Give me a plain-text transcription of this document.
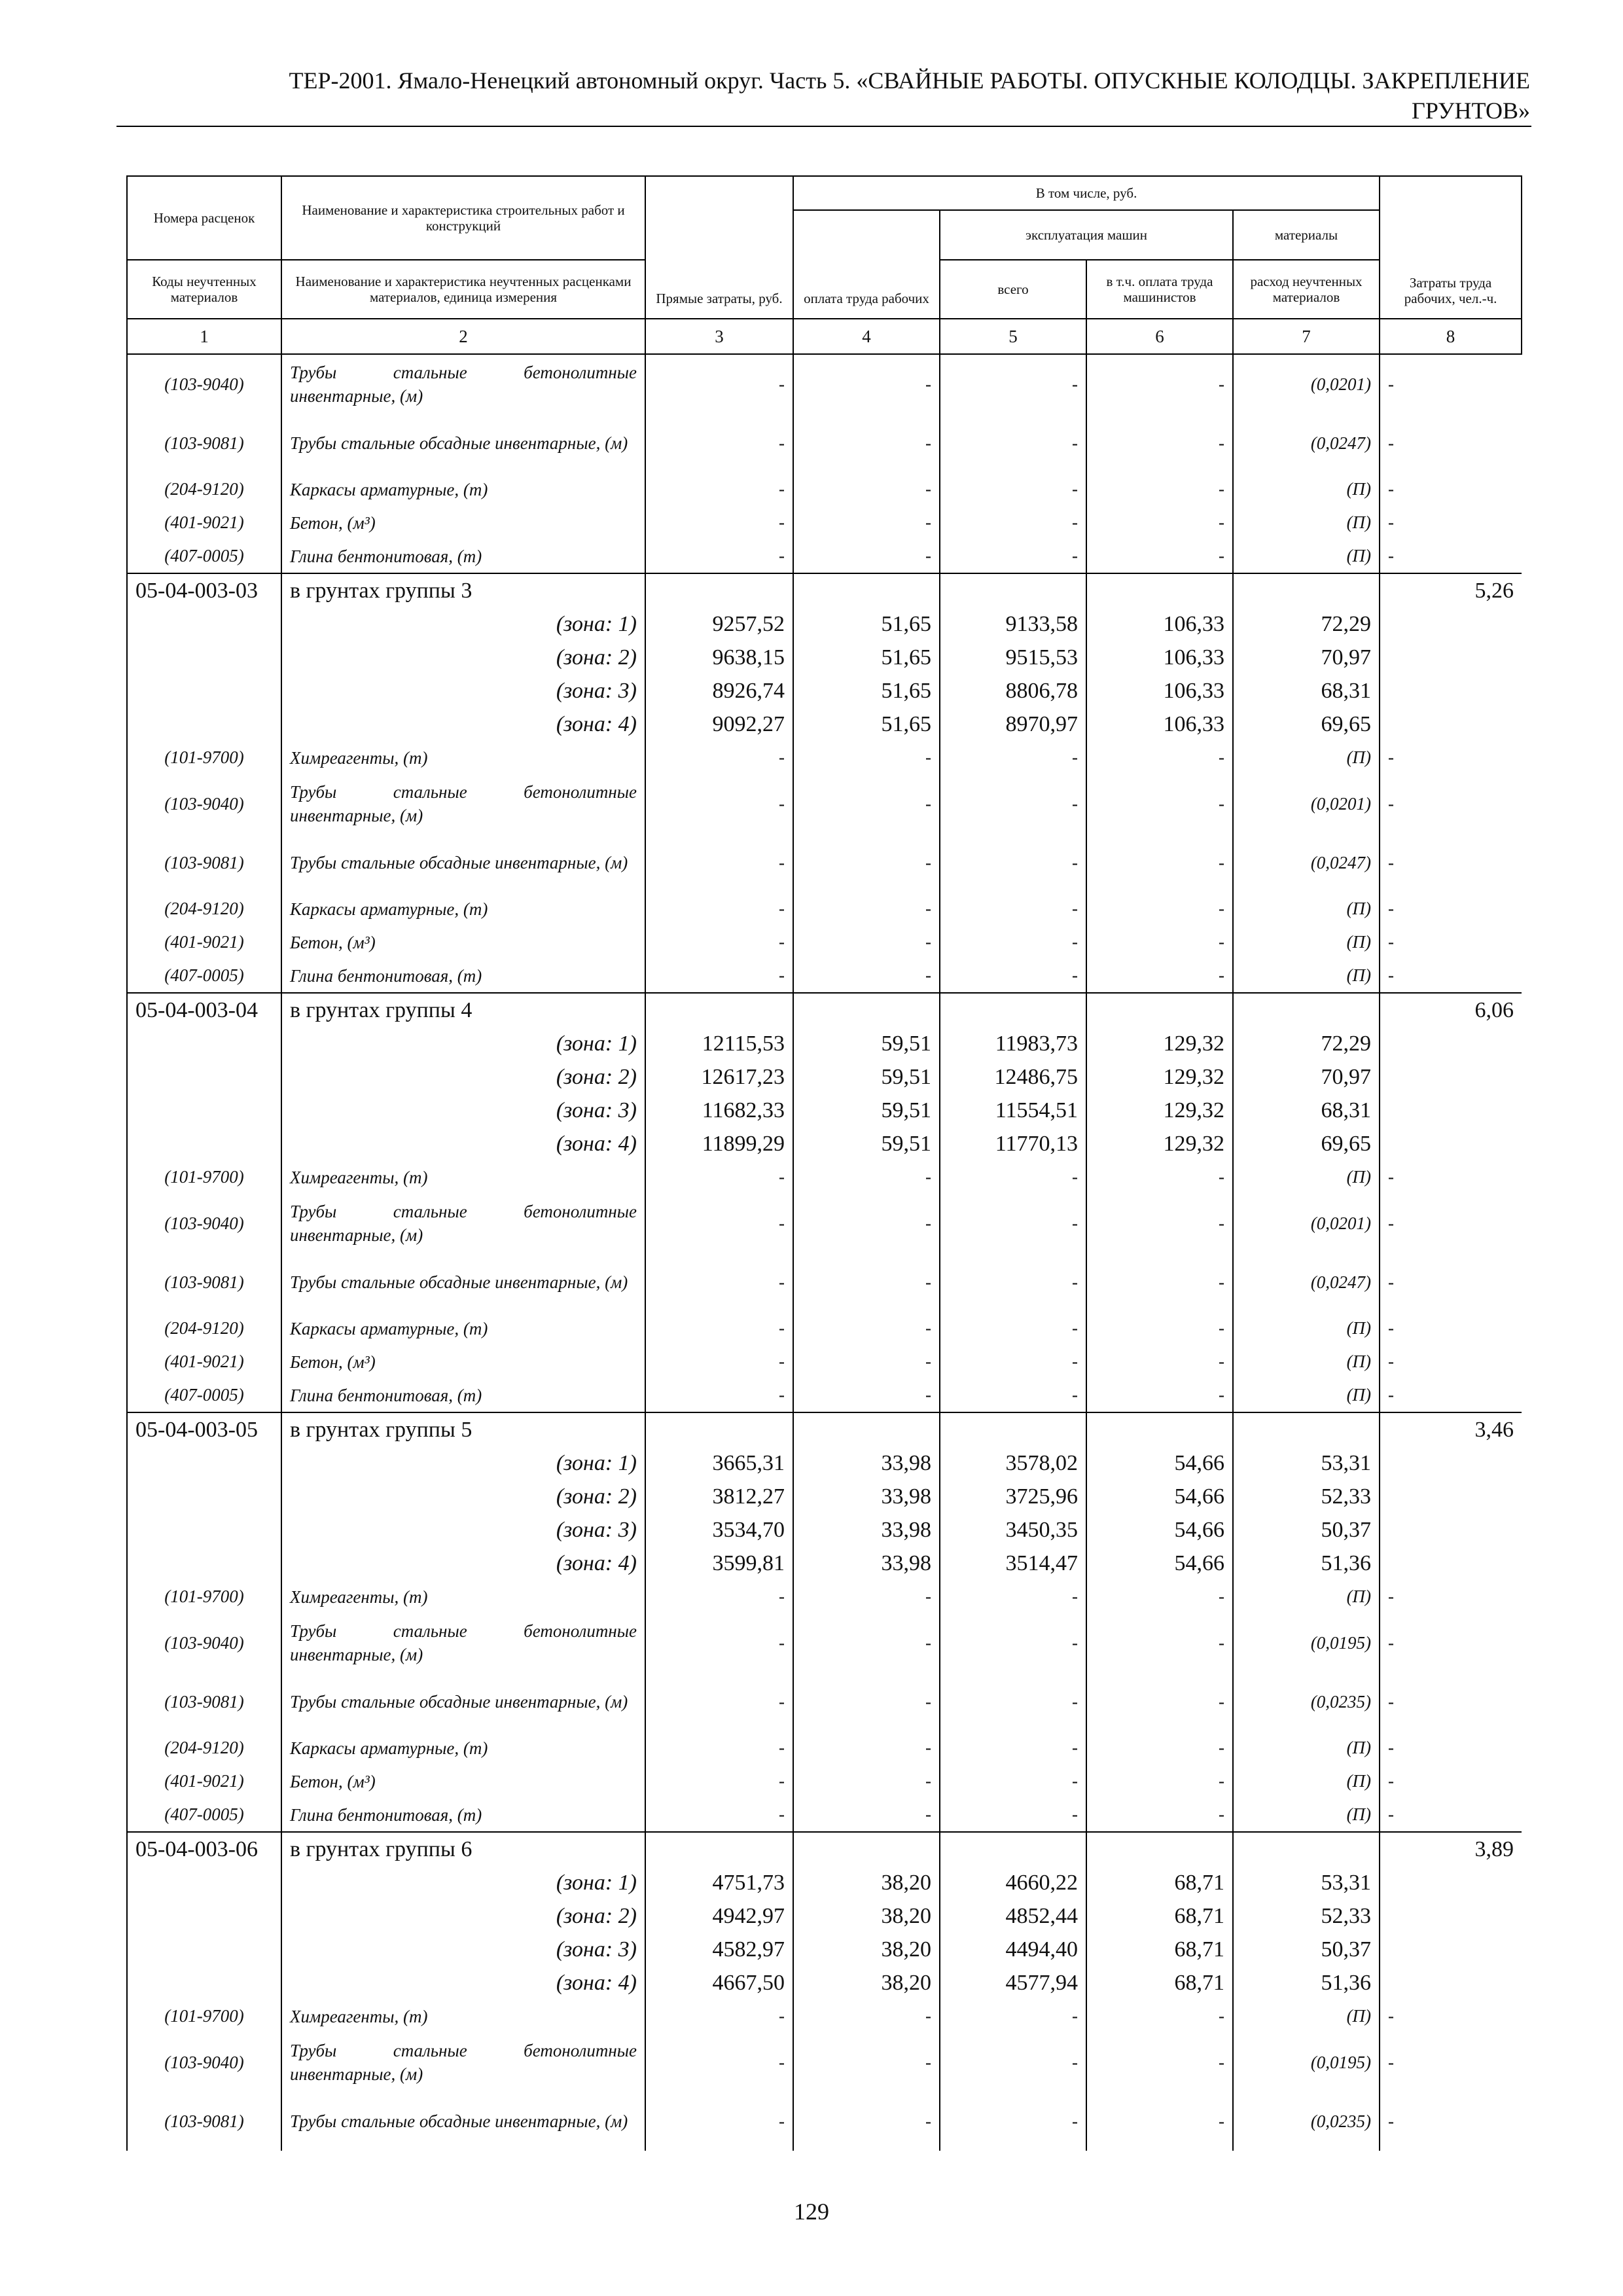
ТЕР-2001. Ямало-Ненецкий автономный округ. Часть 5. «СВАЙНЫЕ РАБОТЫ. ОПУСКНЫЕ КОЛОДЦЫ. ЗАКРЕПЛЕНИЕ
ГРУНТОВ»
Номера расценок	Наименование и характеристика строительных работ и конструкций	Прямые затраты, руб.	В том числе, руб.				Затраты труда рабочих, чел.-ч.
			оплата труда рабочих	эксплуатация машин		материалы	
Коды неучтенных материалов	Наименование и характеристика неучтенных расценками материалов, единица измерения			всего	в т.ч. оплата труда машинистов	расход неучтенных материалов	
1	2	3	4	5	6	7	8
(103-9040)	Трубы стальные бетонолитные инвентарные, (м)	-	-	-	-	(0,0201)	-
(103-9081)	Трубы стальные обсадные инвентарные, (м)	-	-	-	-	(0,0247)	-
(204-9120)	Каркасы арматурные, (т)	-	-	-	-	(П)	-
(401-9021)	Бетон, (м³)	-	-	-	-	(П)	-
(407-0005)	Глина бентонитовая, (т)	-	-	-	-	(П)	-
05-04-003-03	в грунтах группы 3						5,26
	(зона: 1)	9257,52	51,65	9133,58	106,33	72,29	
	(зона: 2)	9638,15	51,65	9515,53	106,33	70,97	
	(зона: 3)	8926,74	51,65	8806,78	106,33	68,31	
	(зона: 4)	9092,27	51,65	8970,97	106,33	69,65	
(101-9700)	Химреагенты, (т)	-	-	-	-	(П)	-
(103-9040)	Трубы стальные бетонолитные инвентарные, (м)	-	-	-	-	(0,0201)	-
(103-9081)	Трубы стальные обсадные инвентарные, (м)	-	-	-	-	(0,0247)	-
(204-9120)	Каркасы арматурные, (т)	-	-	-	-	(П)	-
(401-9021)	Бетон, (м³)	-	-	-	-	(П)	-
(407-0005)	Глина бентонитовая, (т)	-	-	-	-	(П)	-
05-04-003-04	в грунтах группы 4						6,06
	(зона: 1)	12115,53	59,51	11983,73	129,32	72,29	
	(зона: 2)	12617,23	59,51	12486,75	129,32	70,97	
	(зона: 3)	11682,33	59,51	11554,51	129,32	68,31	
	(зона: 4)	11899,29	59,51	11770,13	129,32	69,65	
(101-9700)	Химреагенты, (т)	-	-	-	-	(П)	-
(103-9040)	Трубы стальные бетонолитные инвентарные, (м)	-	-	-	-	(0,0201)	-
(103-9081)	Трубы стальные обсадные инвентарные, (м)	-	-	-	-	(0,0247)	-
(204-9120)	Каркасы арматурные, (т)	-	-	-	-	(П)	-
(401-9021)	Бетон, (м³)	-	-	-	-	(П)	-
(407-0005)	Глина бентонитовая, (т)	-	-	-	-	(П)	-
05-04-003-05	в грунтах группы 5						3,46
	(зона: 1)	3665,31	33,98	3578,02	54,66	53,31	
	(зона: 2)	3812,27	33,98	3725,96	54,66	52,33	
	(зона: 3)	3534,70	33,98	3450,35	54,66	50,37	
	(зона: 4)	3599,81	33,98	3514,47	54,66	51,36	
(101-9700)	Химреагенты, (т)	-	-	-	-	(П)	-
(103-9040)	Трубы стальные бетонолитные инвентарные, (м)	-	-	-	-	(0,0195)	-
(103-9081)	Трубы стальные обсадные инвентарные, (м)	-	-	-	-	(0,0235)	-
(204-9120)	Каркасы арматурные, (т)	-	-	-	-	(П)	-
(401-9021)	Бетон, (м³)	-	-	-	-	(П)	-
(407-0005)	Глина бентонитовая, (т)	-	-	-	-	(П)	-
05-04-003-06	в грунтах группы 6						3,89
	(зона: 1)	4751,73	38,20	4660,22	68,71	53,31	
	(зона: 2)	4942,97	38,20	4852,44	68,71	52,33	
	(зона: 3)	4582,97	38,20	4494,40	68,71	50,37	
	(зона: 4)	4667,50	38,20	4577,94	68,71	51,36	
(101-9700)	Химреагенты, (т)	-	-	-	-	(П)	-
(103-9040)	Трубы стальные бетонолитные инвентарные, (м)	-	-	-	-	(0,0195)	-
(103-9081)	Трубы стальные обсадные инвентарные, (м)	-	-	-	-	(0,0235)	-
129
